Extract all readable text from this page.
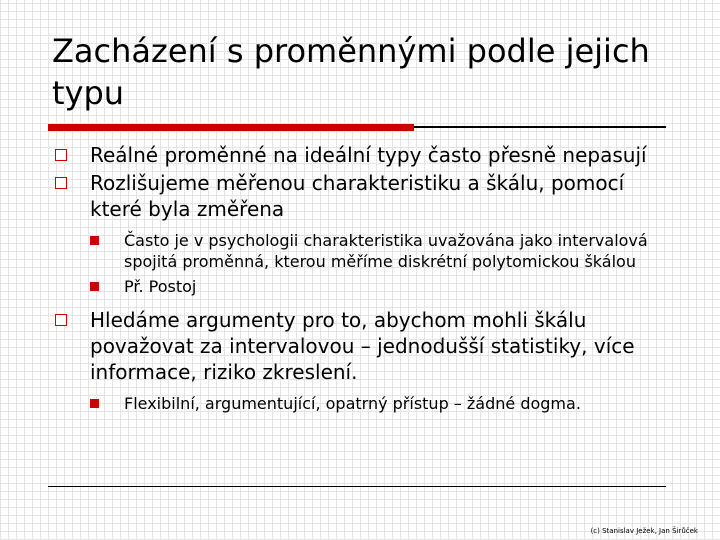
Zacházení s proměnnými podle jejich typu
Reálné proměnné na ideální typy často přesně nepasují
Rozlišujeme měřenou charakteristiku a škálu, pomocí které byla změřena
Často je v psychologii charakteristika uvažována jako intervalová spojitá proměnná, kterou měříme diskrétní polytomickou škálou
Př. Postoj
Hledáme argumenty pro to, abychom mohli škálu považovat za intervalovou – jednodušší statistiky, více informace, riziko zkreslení.
Flexibilní, argumentující, opatrný přístup – žádné dogma.
(c) Stanislav Ježek, Jan Širůček
